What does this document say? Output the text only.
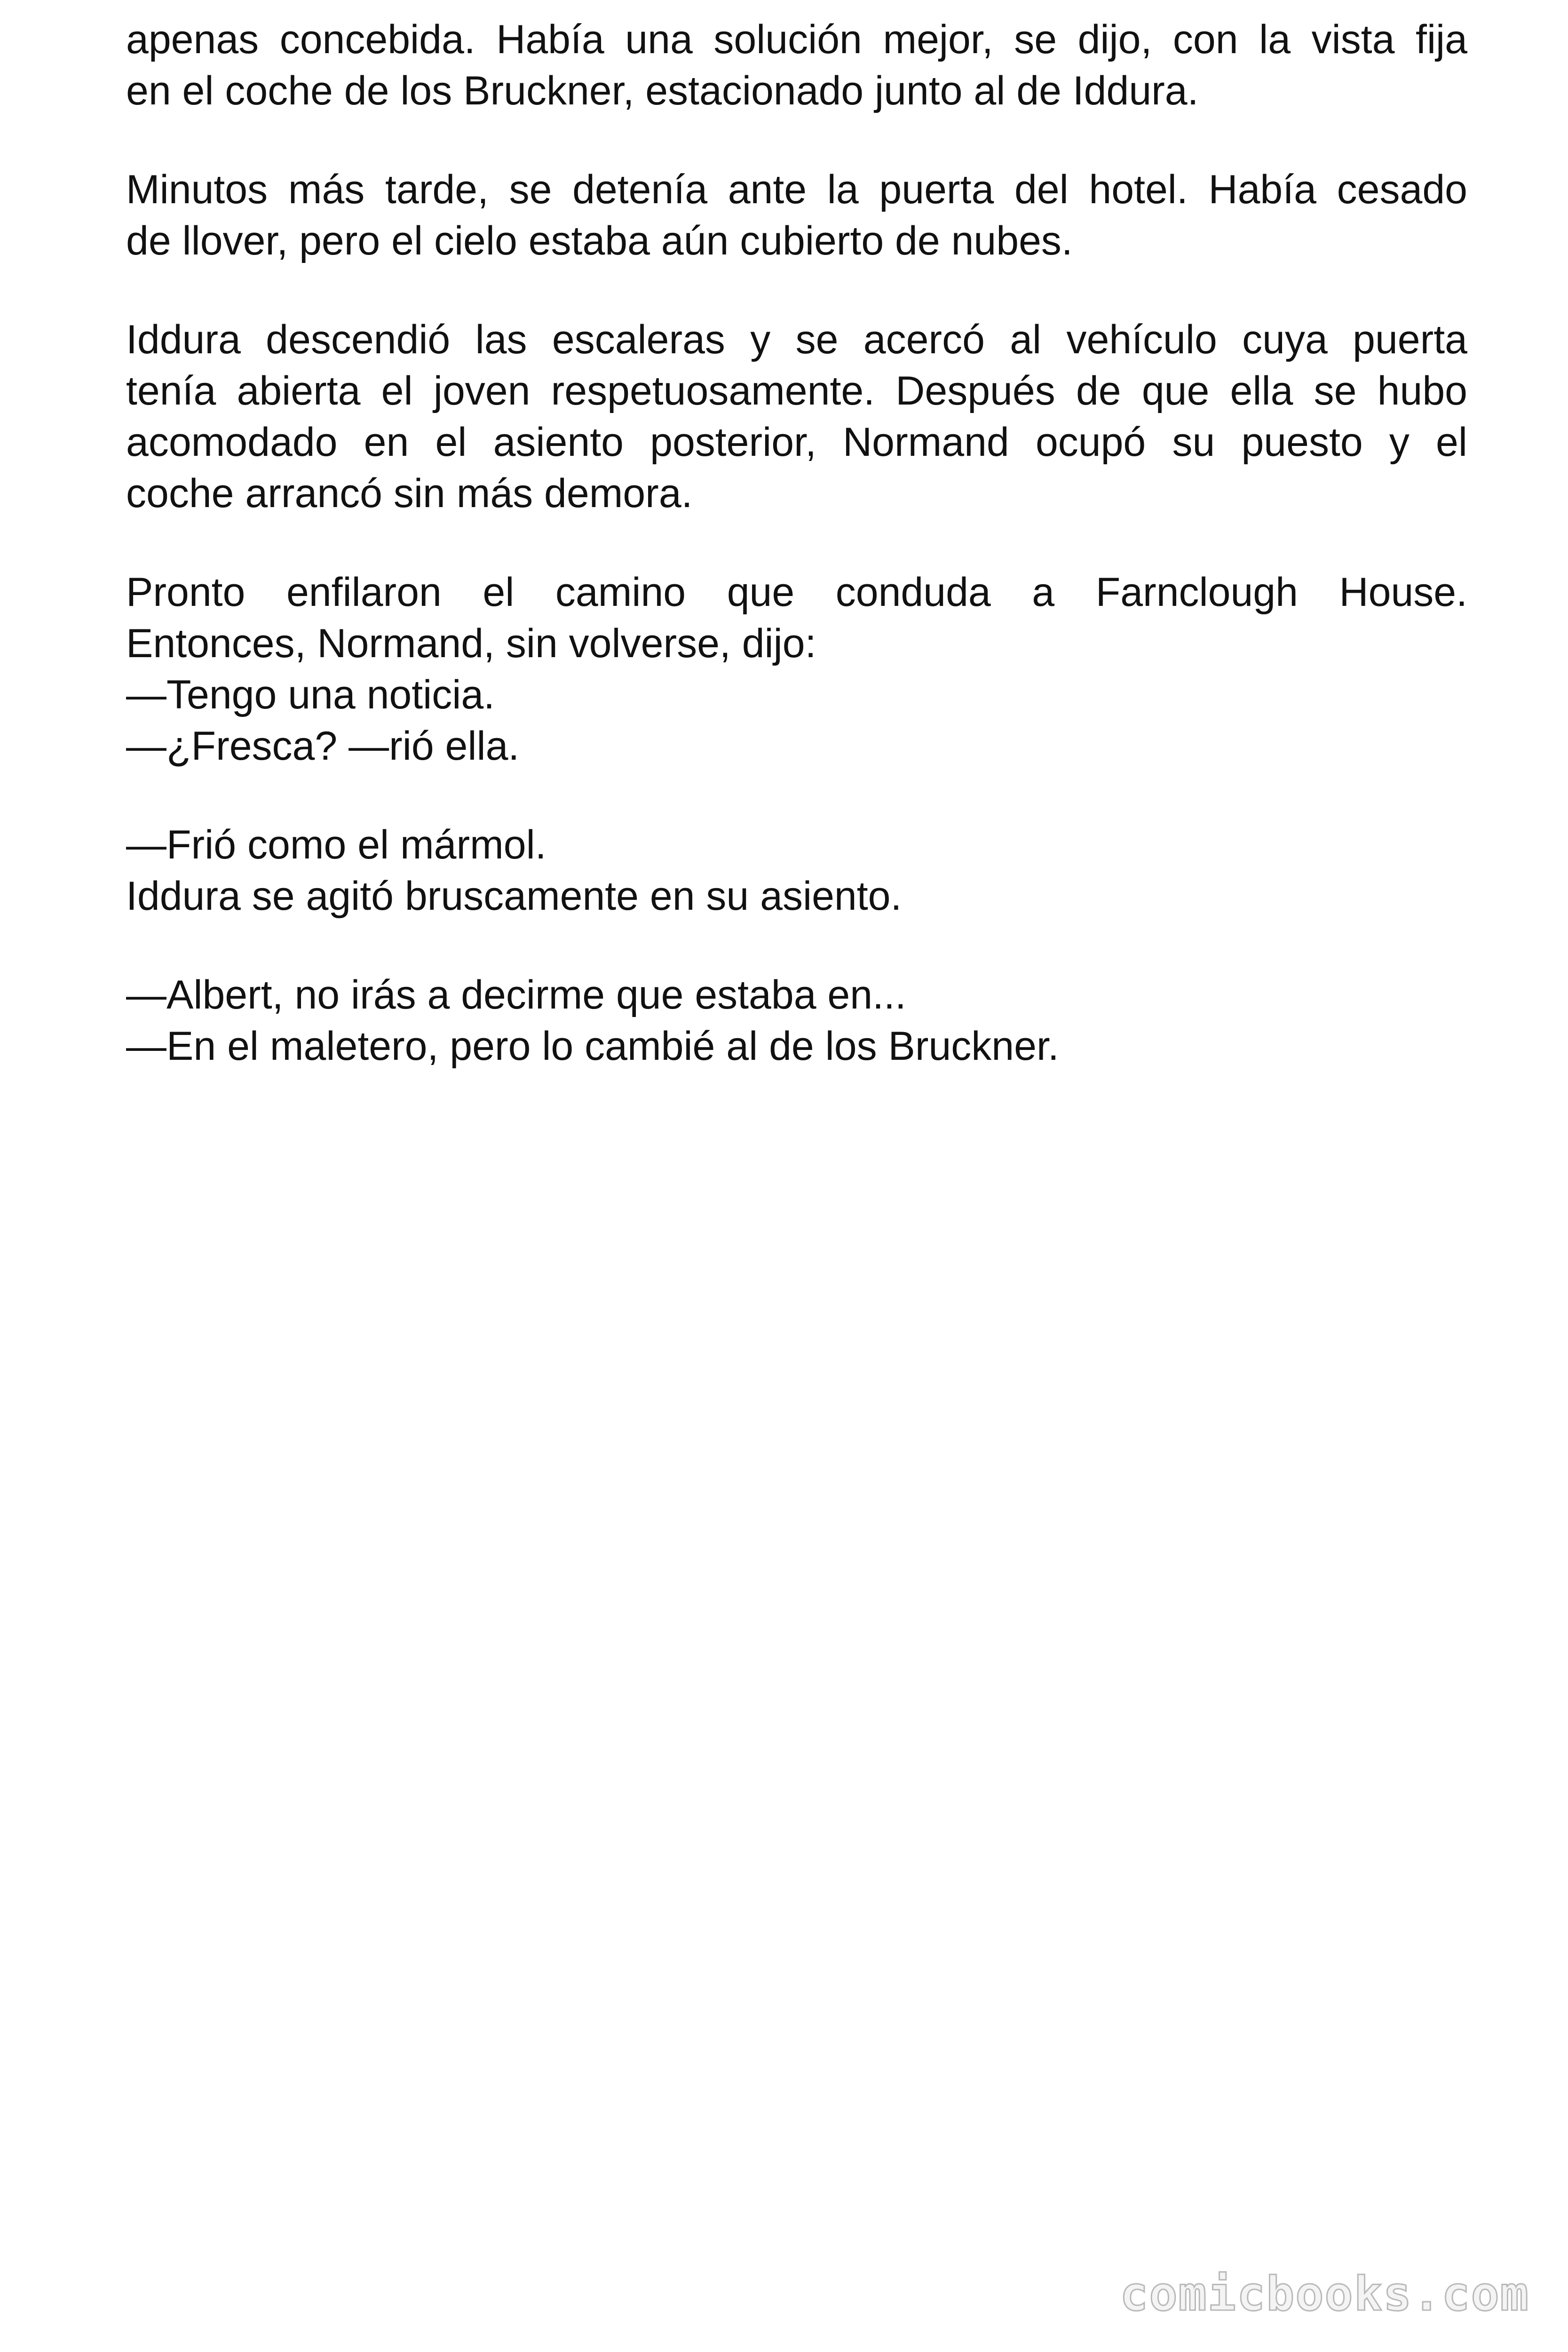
apenas concebida. Había una solución mejor, se dijo, con la vista fija
en el coche de los Bruckner, estacionado junto al de Iddura.
Minutos más tarde, se detenía ante la puerta del hotel. Había cesado
de llover, pero el cielo estaba aún cubierto de nubes.
Iddura descendió las escaleras y se acercó al vehículo cuya puerta
tenía abierta el joven respetuosamente. Después de que ella se hubo
acomodado en el asiento posterior, Normand ocupó su puesto y el
coche arrancó sin más demora.
Pronto enfilaron el camino que conduda a Farnclough House.
Entonces, Normand, sin volverse, dijo:
—Tengo una noticia.
—¿Fresca? —rió ella.
—Frió como el mármol.
Iddura se agitó bruscamente en su asiento.
—Albert, no irás a decirme que estaba en...
—En el maletero, pero lo cambié al de los Bruckner.
comicbooks.com
